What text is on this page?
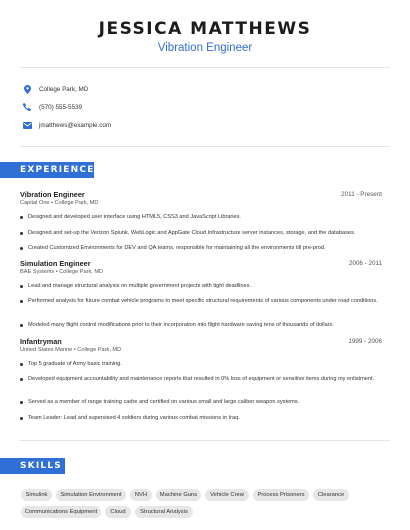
JESSICA MATTHEWS
Vibration Engineer
College Park, MD
(570) 555-5539
jmatthews@example.com
EXPERIENCE
Vibration Engineer	2011 - Present
Capital One • College Park, MD
Designed and developed user interface using HTML5, CSS3 and JavaScript Libraries.
Designed and set-up the Verizon Splunk, WebLogic and AppGate Cloud Infrastructure server instances, storage, and the databases.
Created Customized Environments for DEV and QA teams, responsible for maintaining all the environments till pre-prod.
Simulation Engineer	2006 - 2011
BAE Systems • College Park, MD
Lead and manage structural analysis on multiple government projects with tight deadlines.
Performed analysis for future combat vehicle programs to meet specific structural requirements of various components under road conditions.
Modeled many flight control modifications prior to their incorporation into flight hardware saving tens of thousands of dollars.
Infantryman	1999 - 2006
United States Marine • College Park, MD
Top 5 graduate of Army basic training.
Developed equipment accountability and maintenance reports that resulted in 0% loss of equipment or sensitive items during my enlistment.
Served as a member of range training cadre and certified on various small and large caliber weapon systems.
Team Leader: Lead and supervised 4 soldiers during various combat missions in Iraq.
SKILLS
Simulink	Simulation Environment	NVH	Machine Guns	Vehicle Crew	Process Prisoners	Clearance
Communications Equipment	Cloud	Structural Analysis
